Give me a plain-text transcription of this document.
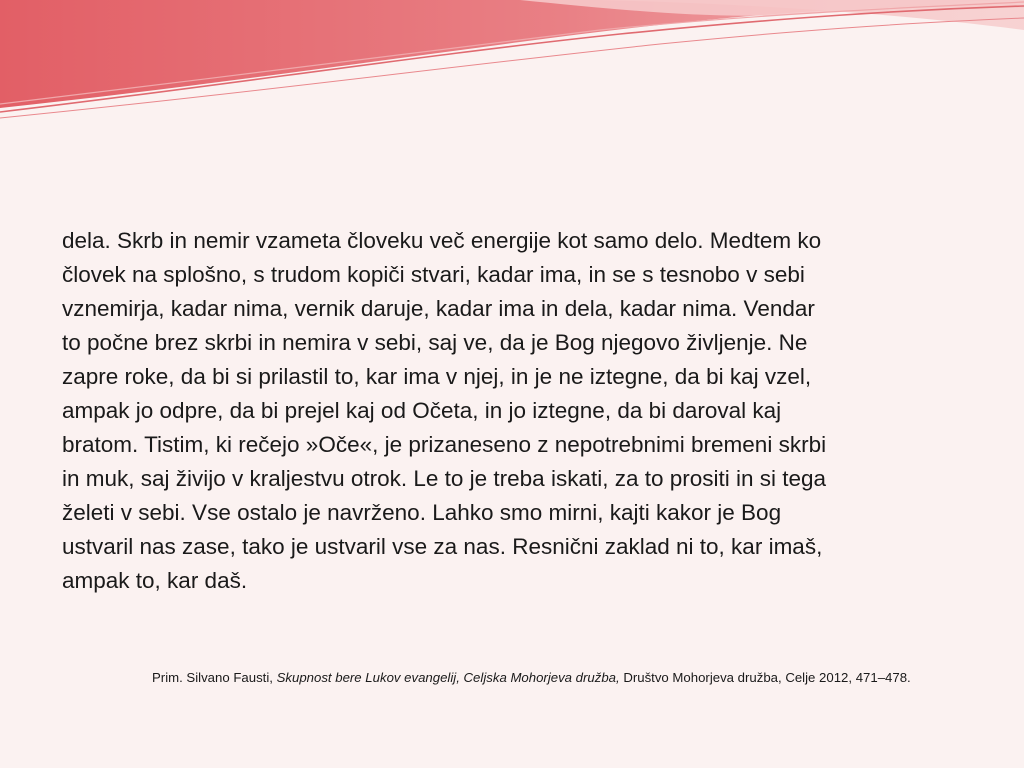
dela. Skrb in nemir vzameta človeku več energije kot samo delo. Medtem ko
človek na splošno, s trudom kopiči stvari, kadar ima, in se s tesnobo v sebi
vznemirja, kadar nima, vernik daruje, kadar ima in dela, kadar nima. Vendar
to počne brez skrbi in nemira v sebi, saj ve, da je Bog njegovo življenje. Ne
zapre roke, da bi si prilastil to, kar ima v njej, in je ne iztegne, da bi kaj vzel,
ampak jo odpre, da bi prejel kaj od Očeta, in jo iztegne, da bi daroval kaj
bratom. Tistim, ki rečejo »Oče«, je prizaneseno z nepotrebnimi bremeni skrbi
in muk, saj živijo v kraljestvu otrok. Le to je treba iskati, za to prositi in si tega
želeti v sebi. Vse ostalo je navrženo. Lahko smo mirni, kajti kakor je Bog
ustvaril nas zase, tako je ustvaril vse za nas. Resnični zaklad ni to, kar imaš,
ampak to, kar daš.

Prim. Silvano Fausti, Skupnost bere Lukov evangelij, Celjska Mohorjeva družba, Društvo Mohorjeva družba, Celje 2012, 471–478.
